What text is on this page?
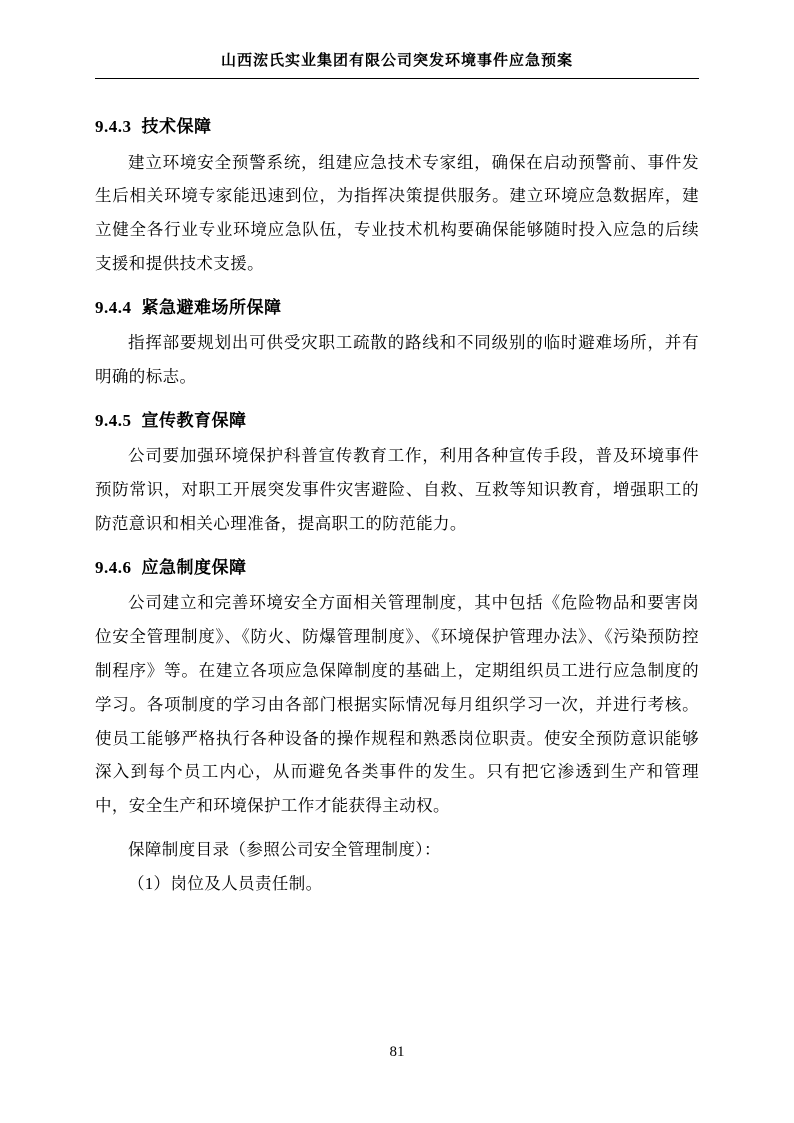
山西浤氏实业集团有限公司突发环境事件应急预案
9.4.3 技术保障

建立环境安全预警系统，组建应急技术专家组，确保在启动预警前、事件发生后相关环境专家能迅速到位，为指挥决策提供服务。建立环境应急数据库，建立健全各行业专业环境应急队伍，专业技术机构要确保能够随时投入应急的后续支援和提供技术支援。

9.4.4 紧急避难场所保障

指挥部要规划出可供受灾职工疏散的路线和不同级别的临时避难场所，并有明确的标志。

9.4.5 宣传教育保障

公司要加强环境保护科普宣传教育工作，利用各种宣传手段，普及环境事件预防常识，对职工开展突发事件灾害避险、自救、互救等知识教育，增强职工的防范意识和相关心理准备，提高职工的防范能力。

9.4.6 应急制度保障

公司建立和完善环境安全方面相关管理制度，其中包括《危险物品和要害岗位安全管理制度》、《防火、防爆管理制度》、《环境保护管理办法》、《污染预防控制程序》等。在建立各项应急保障制度的基础上，定期组织员工进行应急制度的学习。各项制度的学习由各部门根据实际情况每月组织学习一次，并进行考核。使员工能够严格执行各种设备的操作规程和熟悉岗位职责。使安全预防意识能够深入到每个员工内心，从而避免各类事件的发生。只有把它渗透到生产和管理中，安全生产和环境保护工作才能获得主动权。

保障制度目录（参照公司安全管理制度）：

（1）岗位及人员责任制。

81
